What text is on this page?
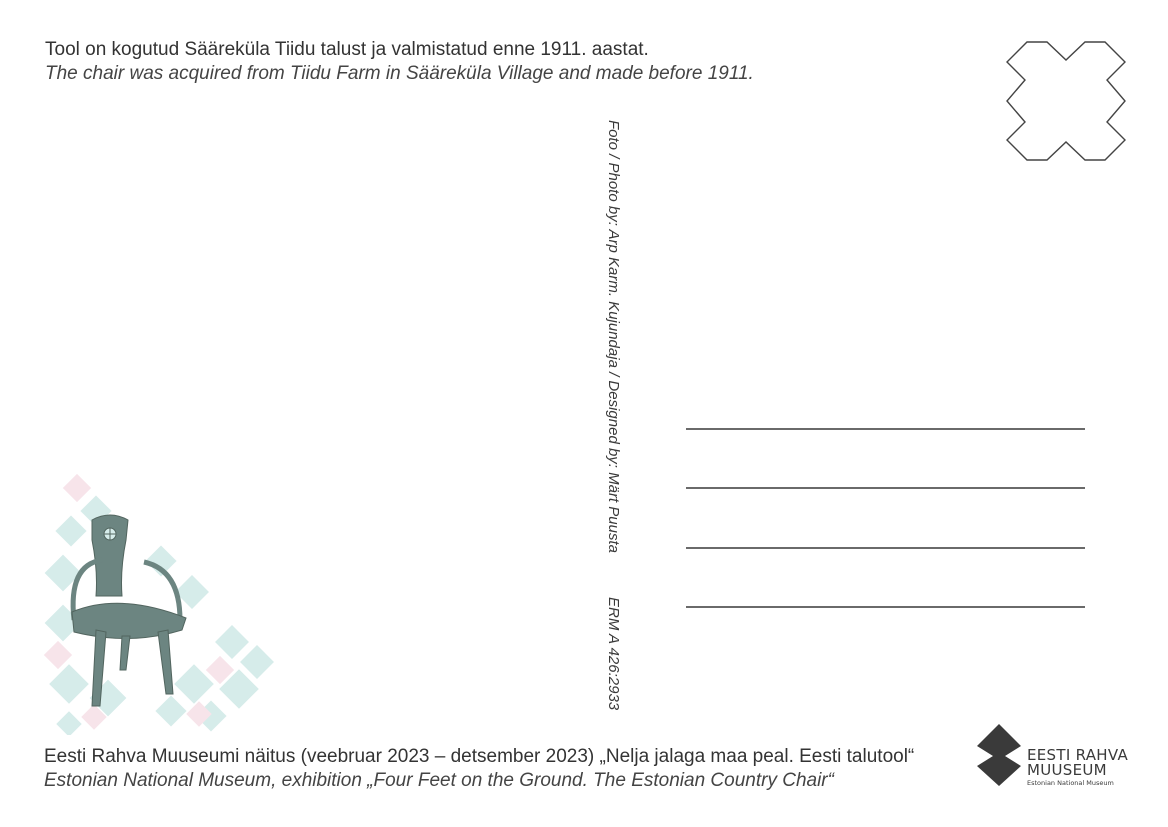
Tool on kogutud Sääreküla Tiidu talust ja valmistatud enne 1911. aastat.
The chair was acquired from Tiidu Farm in Sääreküla Village and made before 1911.
Foto / Photo by: Arp Karm. Kujundaja / Designed by: Märt Puusta
ERM A 426:2933
Eesti Rahva Muuseumi näitus (veebruar 2023 – detsember 2023) „Nelja jalaga maa peal. Eesti talutool“
Estonian National Museum, exhibition „Four Feet on the Ground. The Estonian Country Chair“
EESTI RAHVA
MUUSEUM
Estonian National Museum
